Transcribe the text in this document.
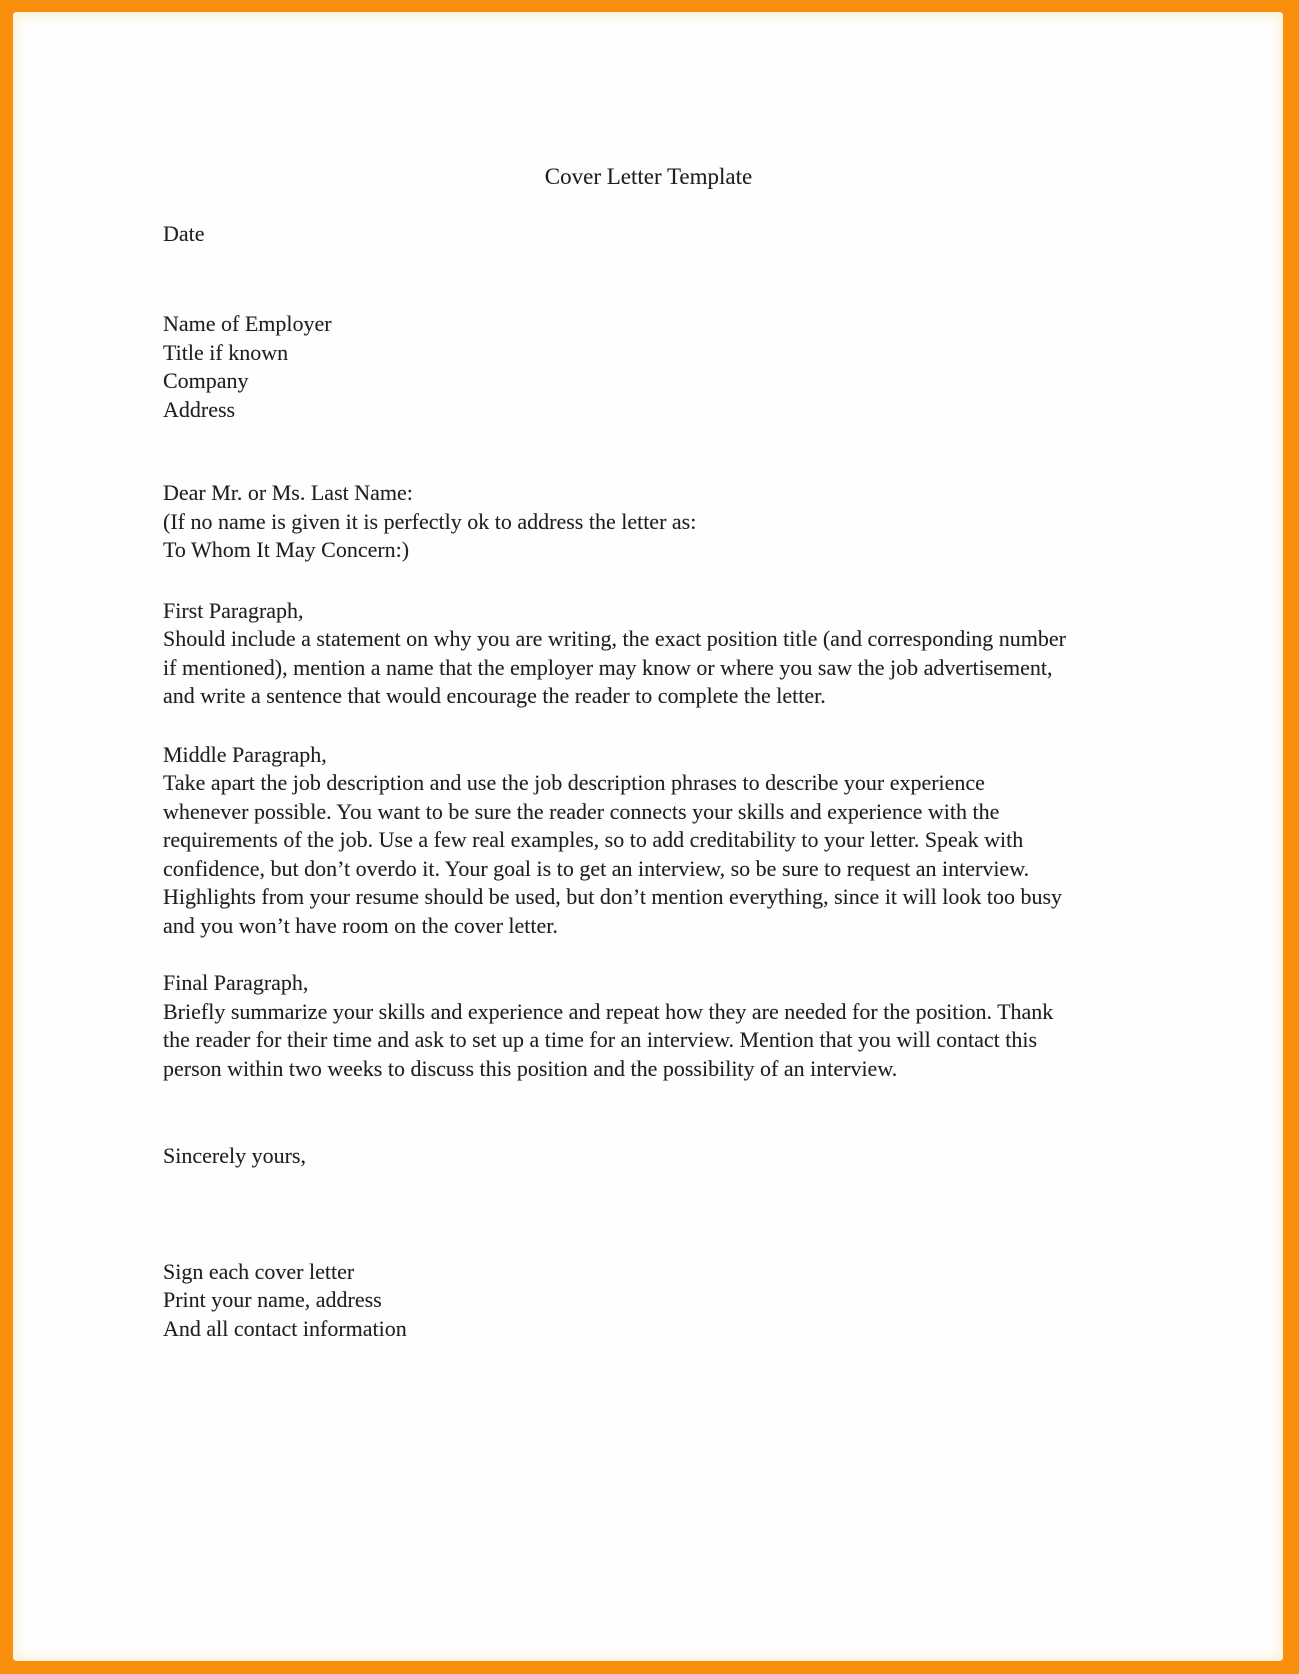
Cover Letter Template

Date

Name of Employer

Title if known

Company

Address

Dear Mr. or Ms. Last Name:

(If no name is given it is perfectly ok to address the letter as:

To Whom It May Concern:)

First Paragraph,

Should include a statement on why you are writing, the exact position title (and corresponding number if mentioned), mention a name that the employer may know or where you saw the job advertisement, and write a sentence that would encourage the reader to complete the letter.

Middle Paragraph,

Take apart the job description and use the job description phrases to describe your experience whenever possible. You want to be sure the reader connects your skills and experience with the requirements of the job. Use a few real examples, so to add creditability to your letter. Speak with confidence, but don’t overdo it. Your goal is to get an interview, so be sure to request an interview. Highlights from your resume should be used, but don’t mention everything, since it will look too busy and you won’t have room on the cover letter.

Final Paragraph,

Briefly summarize your skills and experience and repeat how they are needed for the position. Thank the reader for their time and ask to set up a time for an interview. Mention that you will contact this person within two weeks to discuss this position and the possibility of an interview.

Sincerely yours,

Sign each cover letter

Print your name, address

And all contact information
